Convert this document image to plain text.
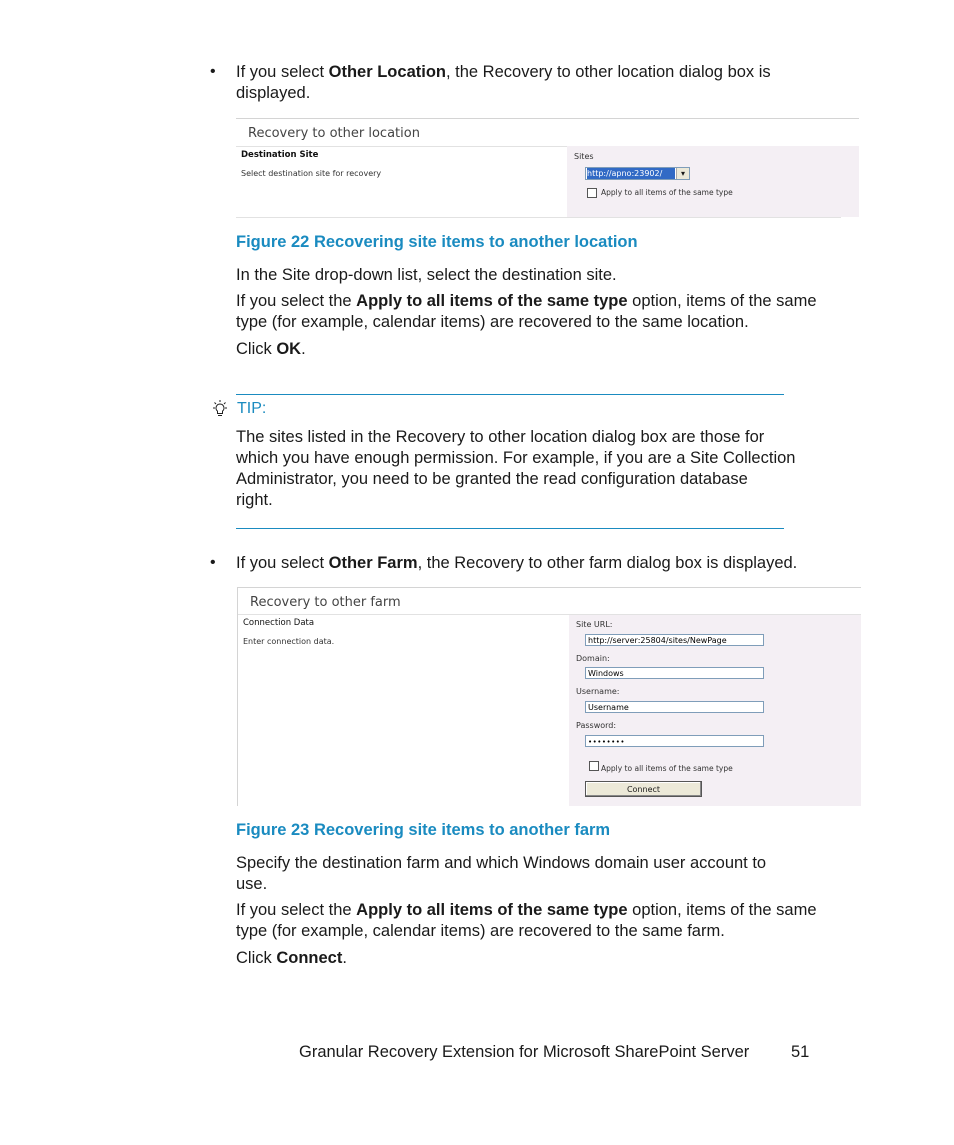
• If you select Other Location, the Recovery to other location dialog box is
displayed.
Recovery to other location
Destination Site
Select destination site for recovery
Sites
http://apno:23902/	▾
Apply to all items of the same type
Figure 22 Recovering site items to another location
In the Site drop-down list, select the destination site.
If you select the Apply to all items of the same type option, items of the same
type (for example, calendar items) are recovered to the same location.
Click OK.
TIP:
The sites listed in the Recovery to other location dialog box are those for
which you have enough permission. For example, if you are a Site Collection
Administrator, you need to be granted the read configuration database
right.
• If you select Other Farm, the Recovery to other farm dialog box is displayed.
Recovery to other farm
Connection Data
Enter connection data.
Site URL:
http://server:25804/sites/NewPage
Domain:
Windows
Username:
Username
Password:
••••••••
Apply to all items of the same type
Connect
Figure 23 Recovering site items to another farm
Specify the destination farm and which Windows domain user account to
use.
If you select the Apply to all items of the same type option, items of the same
type (for example, calendar items) are recovered to the same farm.
Click Connect.
Granular Recovery Extension for Microsoft SharePoint Server	51
